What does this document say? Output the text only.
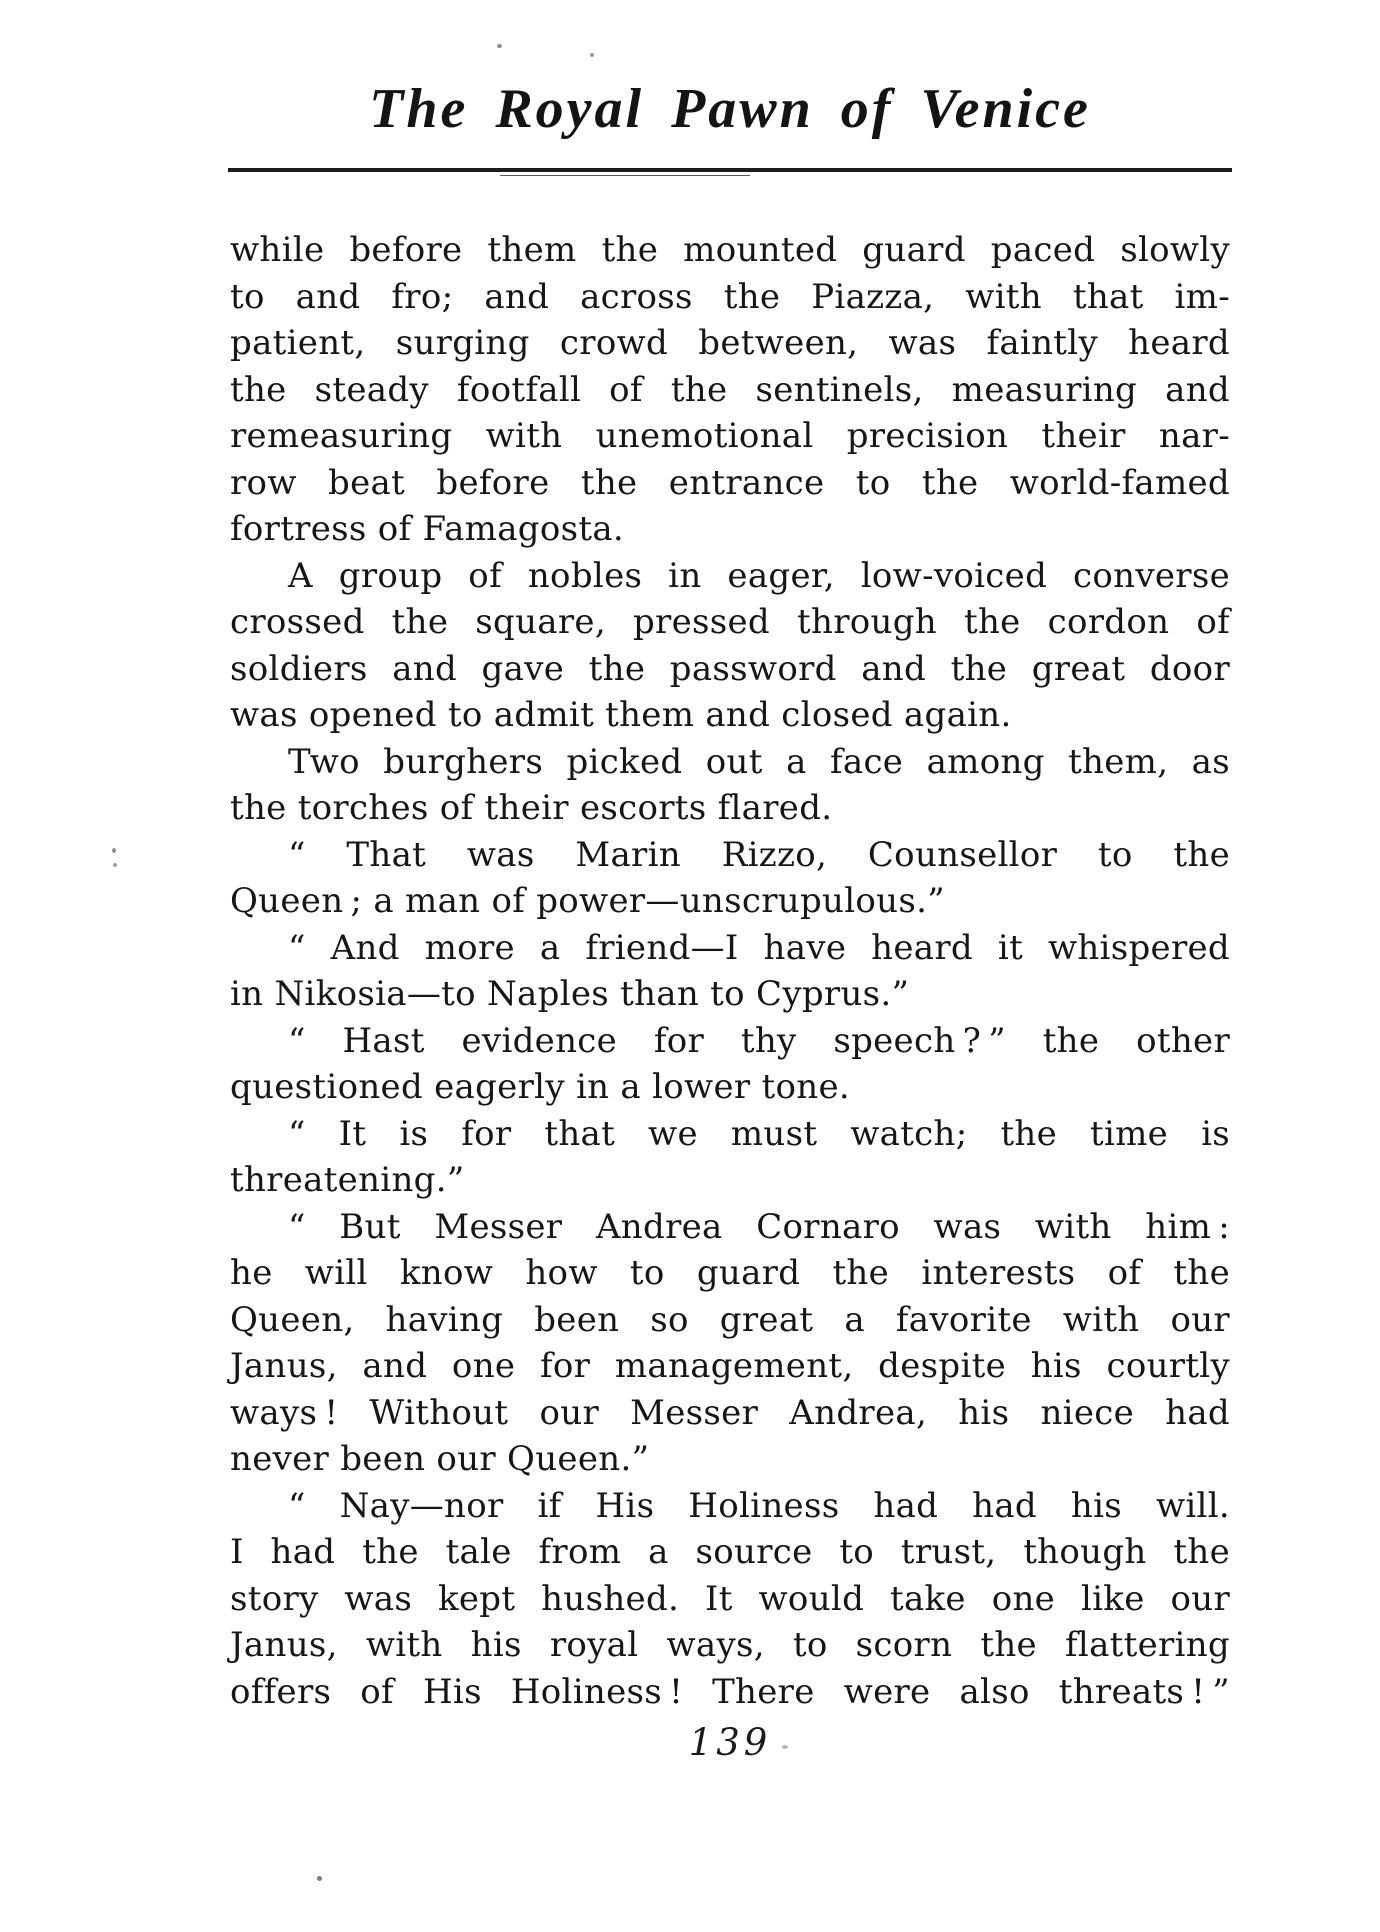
The Royal Pawn of Venice

while before them the mounted guard paced slowly
to and fro; and across the Piazza, with that im-
patient, surging crowd between, was faintly heard
the steady footfall of the sentinels, measuring and
remeasuring with unemotional precision their nar-
row beat before the entrance to the world-famed
fortress of Famagosta.

A group of nobles in eager, low-voiced converse
crossed the square, pressed through the cordon of
soldiers and gave the password and the great door
was opened to admit them and closed again.

Two burghers picked out a face among them, as
the torches of their escorts flared.

“ That was Marin Rizzo, Counsellor to the
Queen ; a man of power—unscrupulous.”

“ And more a friend—I have heard it whispered
in Nikosia—to Naples than to Cyprus.”

“ Hast evidence for thy speech ? ” the other
questioned eagerly in a lower tone.

“ It is for that we must watch; the time is
threatening.”

“ But Messer Andrea Cornaro was with him :
he will know how to guard the interests of the
Queen, having been so great a favorite with our
Janus, and one for management, despite his courtly
ways ! Without our Messer Andrea, his niece had
never been our Queen.”

“ Nay—nor if His Holiness had had his will.
I had the tale from a source to trust, though the
story was kept hushed. It would take one like our
Janus, with his royal ways, to scorn the flattering
offers of His Holiness ! There were also threats ! ”

139
